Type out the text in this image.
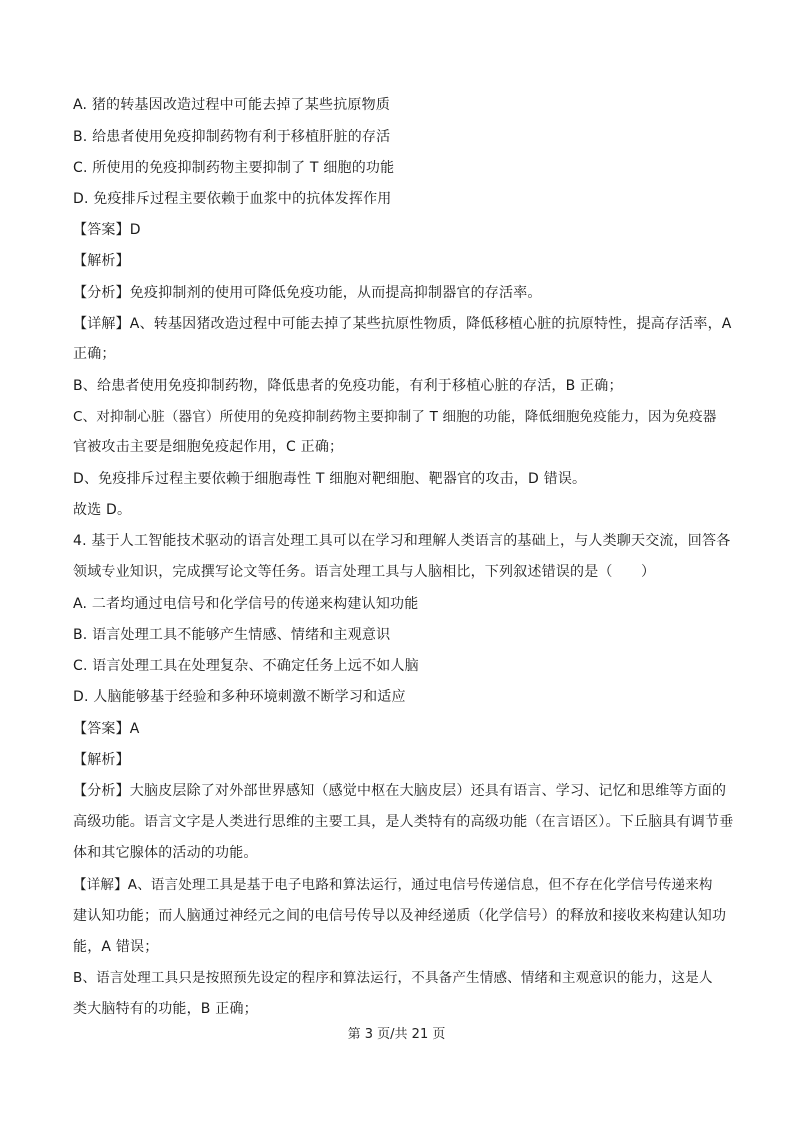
A. 猪的转基因改造过程中可能去掉了某些抗原物质
B. 给患者使用免疫抑制药物有利于移植肝脏的存活
C. 所使用的免疫抑制药物主要抑制了 T 细胞的功能
D. 免疫排斥过程主要依赖于血浆中的抗体发挥作用
【答案】D
【解析】
【分析】免疫抑制剂的使用可降低免疫功能，从而提高抑制器官的存活率。
【详解】A、转基因猪改造过程中可能去掉了某些抗原性物质，降低移植心脏的抗原特性，提高存活率，A
正确；
B、给患者使用免疫抑制药物，降低患者的免疫功能，有利于移植心脏的存活，B 正确；
C、对抑制心脏（器官）所使用的免疫抑制药物主要抑制了 T 细胞的功能，降低细胞免疫能力，因为免疫器
官被攻击主要是细胞免疫起作用，C 正确；
D、免疫排斥过程主要依赖于细胞毒性 T 细胞对靶细胞、靶器官的攻击，D 错误。
故选 D。
4. 基于人工智能技术驱动的语言处理工具可以在学习和理解人类语言的基础上，与人类聊天交流，回答各
领域专业知识，完成撰写论文等任务。语言处理工具与人脑相比，下列叙述错误的是（　　）
A. 二者均通过电信号和化学信号的传递来构建认知功能
B. 语言处理工具不能够产生情感、情绪和主观意识
C. 语言处理工具在处理复杂、不确定任务上远不如人脑
D. 人脑能够基于经验和多种环境刺激不断学习和适应
【答案】A
【解析】
【分析】大脑皮层除了对外部世界感知（感觉中枢在大脑皮层）还具有语言、学习、记忆和思维等方面的
高级功能。语言文字是人类进行思维的主要工具，是人类特有的高级功能（在言语区）。下丘脑具有调节垂
体和其它腺体的活动的功能。
【详解】A、语言处理工具是基于电子电路和算法运行，通过电信号传递信息，但不存在化学信号传递来构
建认知功能；而人脑通过神经元之间的电信号传导以及神经递质（化学信号）的释放和接收来构建认知功
能，A 错误；
B、语言处理工具只是按照预先设定的程序和算法运行，不具备产生情感、情绪和主观意识的能力，这是人
类大脑特有的功能，B 正确；
第 3 页/共 21 页
